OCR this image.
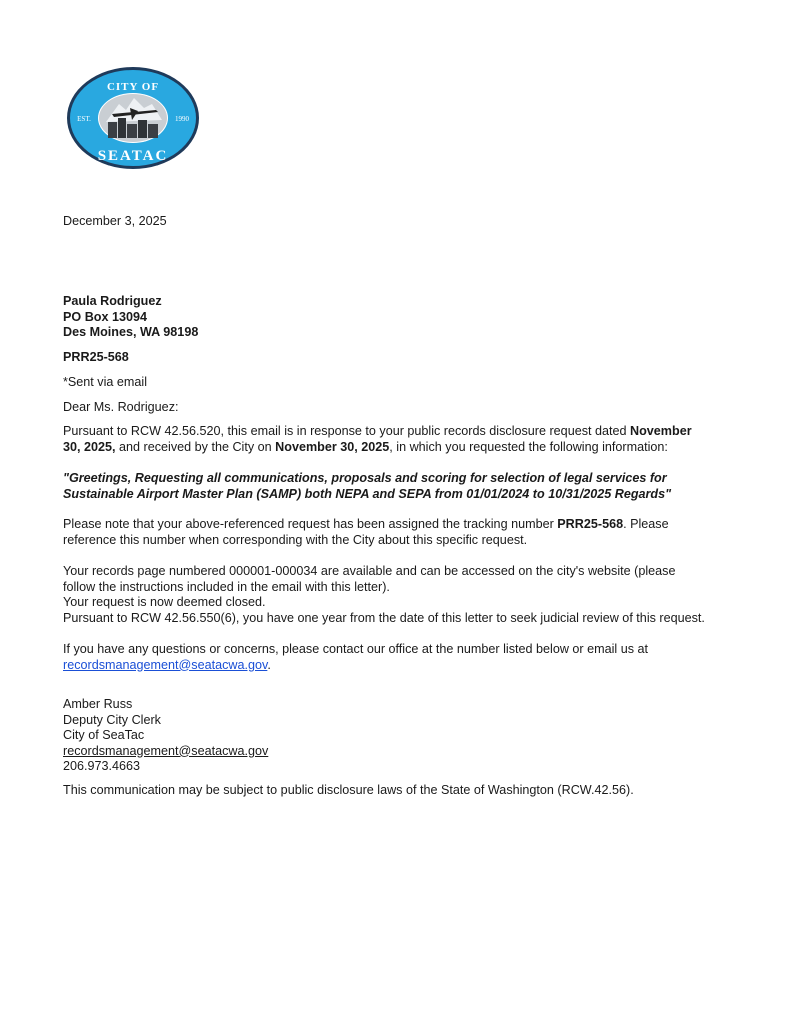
CITY OF
EST.	1990
SEATAC
December 3, 2025
Paula Rodriguez
PO Box 13094
Des Moines, WA 98198
PRR25-568
*Sent via email
Dear Ms. Rodriguez:
Pursuant to RCW 42.56.520, this email is in response to your public records disclosure request dated November
30, 2025, and received by the City on November 30, 2025, in which you requested the following information:
"Greetings, Requesting all communications, proposals and scoring for selection of legal services for
Sustainable Airport Master Plan (SAMP) both NEPA and SEPA from 01/01/2024 to 10/31/2025 Regards"
Please note that your above-referenced request has been assigned the tracking number PRR25-568. Please
reference this number when corresponding with the City about this specific request.
Your records page numbered 000001-000034 are available and can be accessed on the city's website (please
follow the instructions included in the email with this letter).
Your request is now deemed closed.
Pursuant to RCW 42.56.550(6), you have one year from the date of this letter to seek judicial review of this request.
If you have any questions or concerns, please contact our office at the number listed below or email us at
recordsmanagement@seatacwa.gov.
Amber Russ
Deputy City Clerk
City of SeaTac
recordsmanagement@seatacwa.gov
206.973.4663
This communication may be subject to public disclosure laws of the State of Washington (RCW.42.56).
